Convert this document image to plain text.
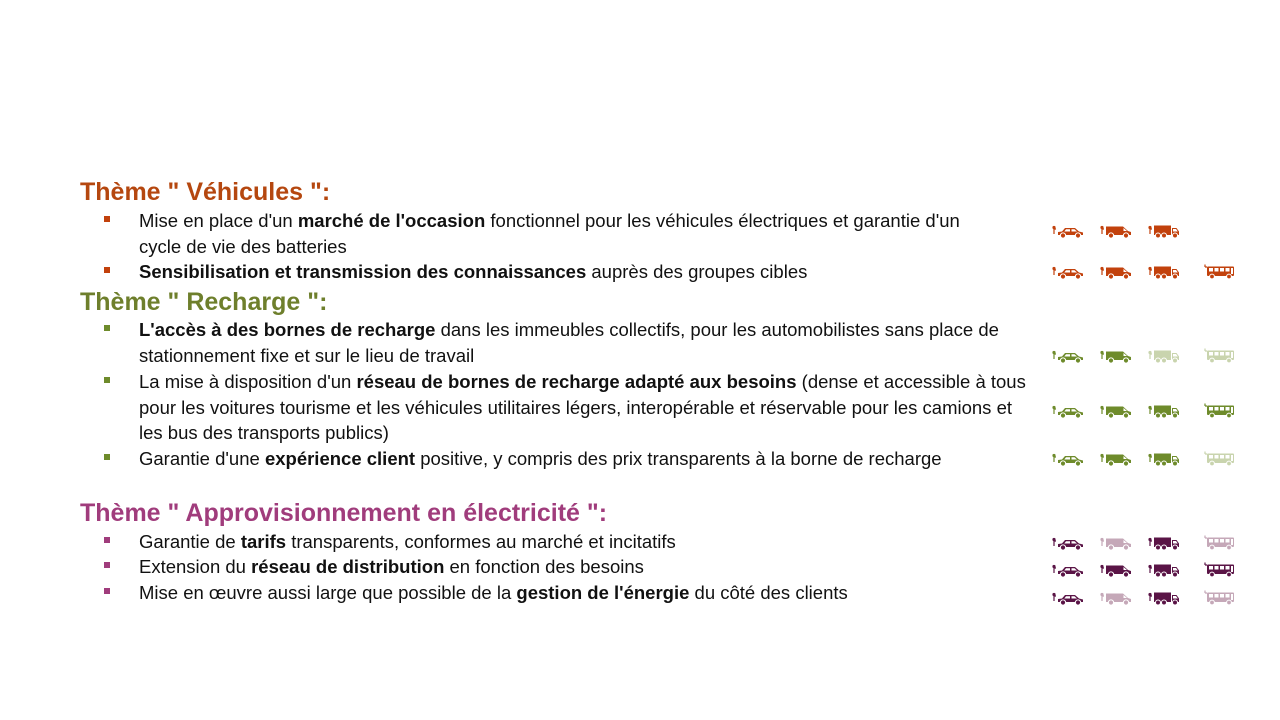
Thème " Véhicules ":
Mise en place d'un marché de l'occasion fonctionnel pour les véhicules électriques et garantie d'un cycle de vie des batteries
Sensibilisation et transmission des connaissances auprès des groupes cibles
Thème " Recharge ":
L'accès à des bornes de recharge dans les immeubles collectifs, pour les automobilistes sans place de stationnement fixe et sur le lieu de travail
La mise à disposition d'un réseau de bornes de recharge adapté aux besoins (dense et accessible à tous pour les voitures tourisme et les véhicules utilitaires légers, interopérable et réservable pour les camions et les bus des transports publics)
Garantie d'une expérience client positive, y compris des prix transparents à la borne de recharge
Thème " Approvisionnement en électricité ":
Garantie de tarifs transparents, conformes au marché et incitatifs
Extension du réseau de distribution en fonction des besoins
Mise en œuvre aussi large que possible de la gestion de l'énergie du côté des clients
